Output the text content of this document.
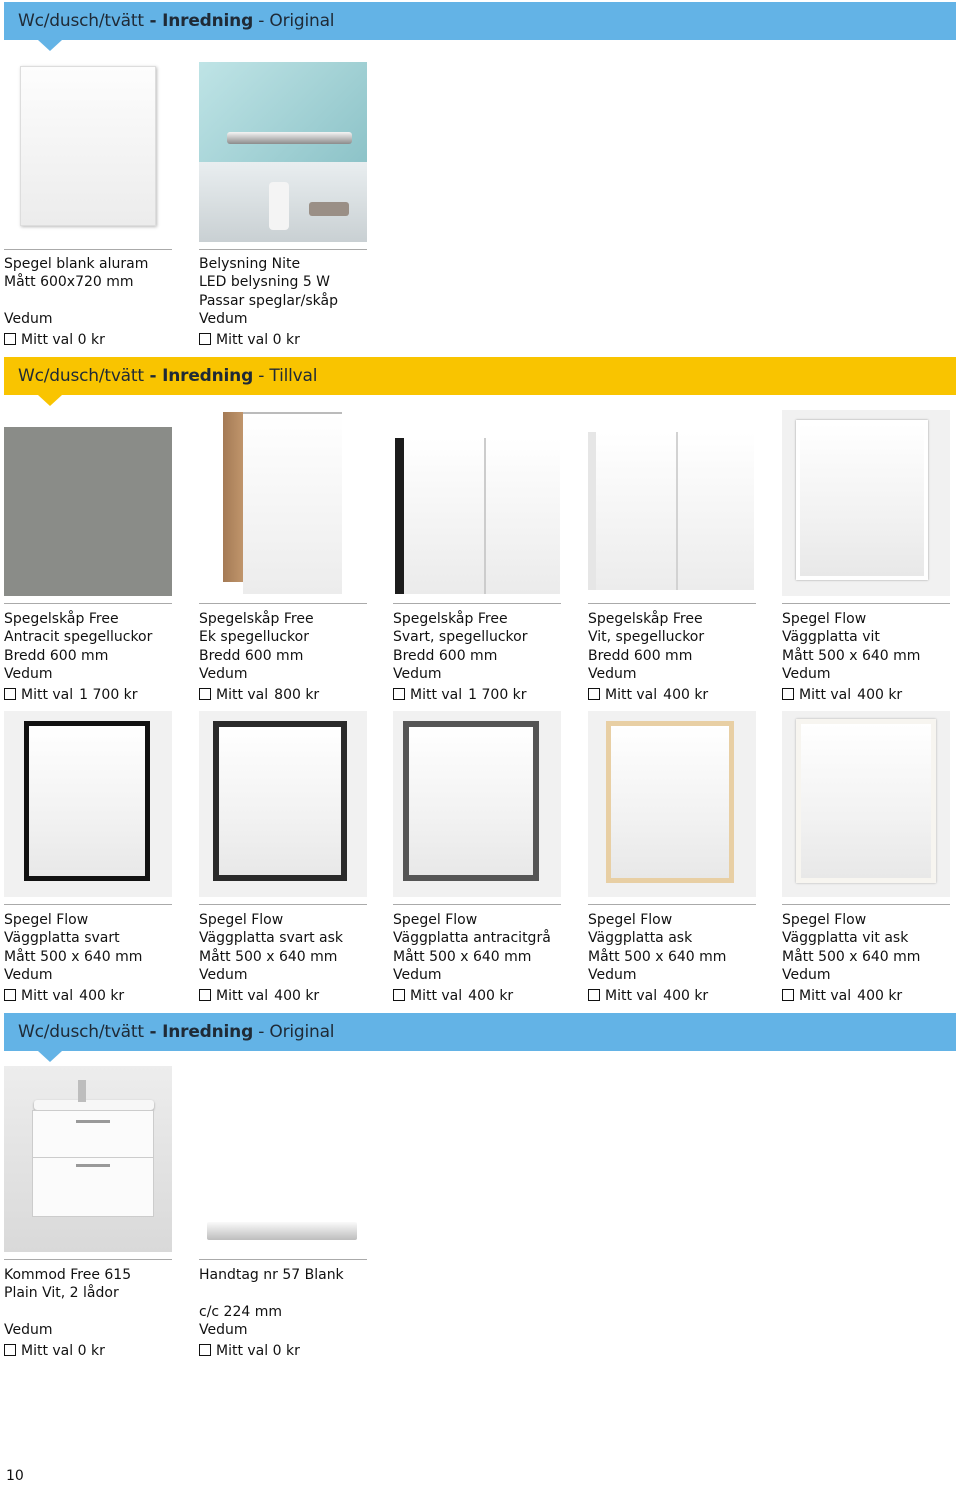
Wc/dusch/tvätt - Inredning - Original
Wc/dusch/tvätt - Inredning - Tillval
Wc/dusch/tvätt - Inredning - Original
Spegel blank aluram
Mått 600x720 mm
Vedum
Mitt val 0 kr
Belysning Nite
LED belysning 5 W
Passar speglar/skåp
Vedum
Mitt val 0 kr
Spegelskåp Free
Antracit spegelluckor
Bredd 600 mm
Vedum
Mitt val 1 700 kr
Spegelskåp Free
Ek spegelluckor
Bredd 600 mm
Vedum
Mitt val 800 kr
Spegelskåp Free
Svart, spegelluckor
Bredd 600 mm
Vedum
Mitt val 1 700 kr
Spegelskåp Free
Vit, spegelluckor
Bredd 600 mm
Vedum
Mitt val 400 kr
Spegel Flow
Väggplatta vit
Mått 500 x 640 mm
Vedum
Mitt val 400 kr
Spegel Flow
Väggplatta svart
Mått 500 x 640 mm
Vedum
Mitt val 400 kr
Spegel Flow
Väggplatta svart ask
Mått 500 x 640 mm
Vedum
Mitt val 400 kr
Spegel Flow
Väggplatta antracitgrå
Mått 500 x 640 mm
Vedum
Mitt val 400 kr
Spegel Flow
Väggplatta ask
Mått 500 x 640 mm
Vedum
Mitt val 400 kr
Spegel Flow
Väggplatta vit ask
Mått 500 x 640 mm
Vedum
Mitt val 400 kr
Kommod Free 615
Plain Vit, 2 lådor
Vedum
Mitt val 0 kr
Handtag nr 57 Blank
c/c 224 mm
Vedum
Mitt val 0 kr
10
